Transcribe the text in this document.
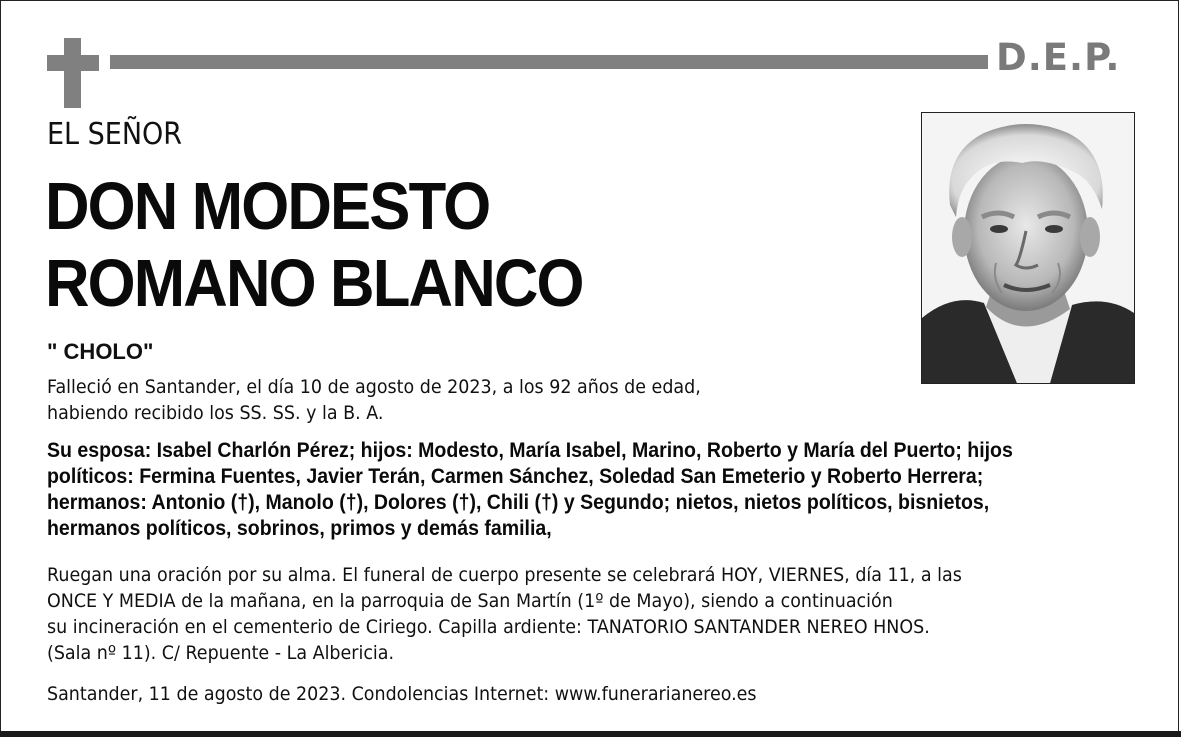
D.E.P.
EL SEÑOR
DON MODESTO
ROMANO BLANCO
" CHOLO"
Falleció en Santander, el día 10 de agosto de 2023, a los 92 años de edad,
habiendo recibido los SS. SS. y la B. A.
Su esposa: Isabel Charlón Pérez; hijos: Modesto, María Isabel, Marino, Roberto y María del Puerto; hijos
políticos: Fermina Fuentes, Javier Terán, Carmen Sánchez, Soledad San Emeterio y Roberto Herrera;
hermanos: Antonio (†), Manolo (†), Dolores (†), Chili (†) y Segundo; nietos, nietos políticos, bisnietos,
hermanos políticos, sobrinos, primos y demás familia,
Ruegan una oración por su alma. El funeral de cuerpo presente se celebrará HOY, VIERNES, día 11, a las
ONCE Y MEDIA de la mañana, en la parroquia de San Martín (1º de Mayo), siendo a continuación
su incineración en el cementerio de Ciriego. Capilla ardiente: TANATORIO SANTANDER NEREO HNOS.
(Sala nº 11). C/ Repuente - La Albericia.
Santander, 11 de agosto de 2023. Condolencias Internet: www.funerarianereo.es
